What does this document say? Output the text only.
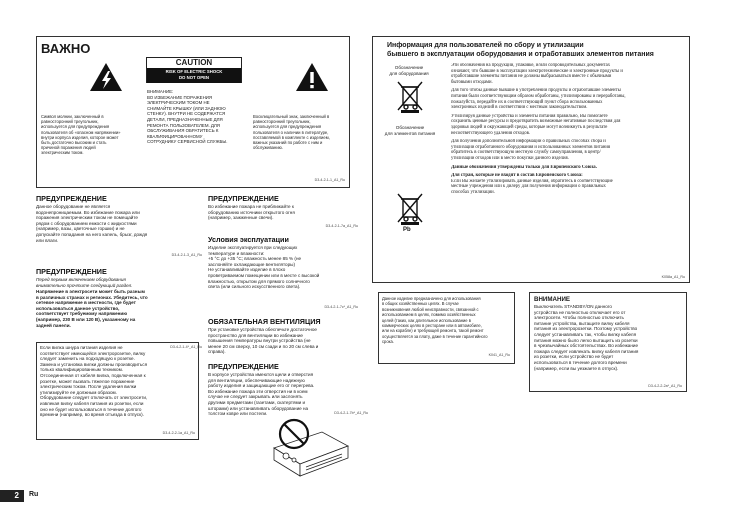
ВАЖНО
Символ молнии, заключенный в
равносторонний треугольник,
используется для предупреждения
пользователя об «опасном напряжении»
внутри корпуса изделия, которое может
быть достаточно высоким и стать
причиной поражения людей
электрическим током.
CAUTION
RISK OF ELECTRIC SHOCK
DO NOT OPEN
ВНИМАНИЕ:
ВО ИЗБЕЖАНИЕ ПОРАЖЕНИЯ
ЭЛЕКТРИЧЕСКИМ ТОКОМ НЕ
СНИМАЙТЕ КРЫШКУ (ИЛИ ЗАДНЮЮ
СТЕНКУ). ВНУТРИ НЕ СОДЕРЖАТСЯ
ДЕТАЛИ, ПРЕДНАЗНАЧЕННЫЕ ДЛЯ
РЕМОНТА ПОЛЬЗОВАТЕЛЕМ. ДЛЯ
ОБСЛУЖИВАНИЯ ОБРАТИТЕСЬ К
КВАЛИФИЦИРОВАННОМУ
СОТРУДНИКУ СЕРВИСНОЙ СЛУЖБЫ.
Восклицательный знак, заключенный в
равносторонний треугольник,
используется для предупреждения
пользователя о наличии в литературе,
поставляемой в комплекте с изделием,
важных указаний по работе с ним и
обслуживанию.
D3-4-2-1-1_A1_Ru
ПРЕДУПРЕЖДЕНИЕ
Данное оборудование не является
водонепроницаемым. Во избежание пожара или
поражения электрическим током не помещайте
рядом с оборудованием емкости с жидкостями
(например, вазы, цветочные горшки) и не
допускайте попадания на него капель, брызг, дождя
или влаги.
D3-4-2-1-3_A1_Ru
ПРЕДУПРЕЖДЕНИЕ
Перед первым включением оборудования
внимательно прочтите следующий раздел.
Напряжение в электросети может быть разным
в различных странах и регионах. Убедитесь, что
сетевое напряжение в местности, где будет
использоваться данное устройство,
соответствует требуемому напряжению
(например, 230 В или 120 В), указанному на
задней панели.
D3-4-2-1-4*_A1_Ru
Если вилка шнура питания изделия не
соответствует имеющейся электророзетке, вилку
следует заменить на подходящую к розетке.
Замена и установка вилки должны производиться
только квалифицированным техником.
Отсоединенная от кабеля вилка, подключенная к
розетке, может вызвать тяжелое поражение
электрическим током. После удаления вилки
утилизируйте ее должным образом.
Оборудование следует отключать от электросети,
извлекая вилку кабеля питания из розетки, если
оно не будет использоваться в течение долгого
времени (например, во время отъезда в отпуск).
D3-4-2-2-1a_A1_Ru
ПРЕДУПРЕЖДЕНИЕ
Во избежание пожара не приближайте к
оборудованию источники открытого огня
(например, зажженные свечи).
D3-4-2-1-7a_A1_Ru
Условия эксплуатации
Изделие эксплуатируется при следующих
температуре и влажности:
+5 °C до +35 °C; влажность менее 85 % (не
заслоняйте охлаждающие вентиляторы)
Не устанавливайте изделие в плохо
проветриваемом помещении или в месте с высокой
влажностью, открытом для прямого солнечного
света (или сильного искусственного света).
D3-4-2-1-7c*_A1_Ru
ОБЯЗАТЕЛЬНАЯ ВЕНТИЛЯЦИЯ
При установке устройства обеспечьте достаточное
пространство для вентиляции во избежание
повышения температуры внутри устройства (не
менее 20 см сверху, 10 см сзади и по 20 см слева и
справа).
ПРЕДУПРЕЖДЕНИЕ
В корпусе устройства имеются щели и отверстия
для вентиляции, обеспечивающие надежную
работу изделия и защищающие его от перегрева.
Во избежание пожара эти отверстия ни в коем
случае не следует закрывать или заслонять
другими предметами (газетами, скатертями и
шторами) или устанавливать оборудование на
толстом ковре или постели.	D3-4-2-1-7b*_A1_Ru
Информация для пользователей по сбору и утилизации
бывшего в эксплуатации оборудования и отработавших элементов питания
Обозначение
для оборудования
Обозначение
для элементов питания
Pb
Эти обозначения на продукции, упаковке, и/или сопроводительных документах
означают, что бывшие в эксплуатации электротехнические и электронные продукты и
отработавшие элементы питания не должны выбрасываться вместе с обычными
бытовыми отходами.
Для того чтобы данные бывшие в употреблении продукты и отработавшие элементы
питания были соответствующим образом обработаны, утилизированы и переработаны,
пожалуйста, передайте их в соответствующий пункт сбора использованных
электронных изделий в соответствии с местным законодательством.
Утилизируя данные устройства и элементы питания правильно, Вы помогаете
сохранить ценные ресурсы и предотвратить возможные негативные последствия для
здоровья людей и окружающей среды, которые могут возникнуть в результате
несоответствующего удаления отходов.
Для получения дополнительной информации о правильных способах сбора и
утилизации отработанного оборудования и использованных элементов питания
обратитесь в соответствующую местную службу самоуправления, в центр/
утилизации отходов или в место покупки данного изделия.
Данные обозначения утверждены только для Европейского Союза.
Для стран, которые не входят в состав Европейского Союза:
Если Вы желаете утилизировать данные изделия, обратитесь в соответствующие
местные учреждения или к дилеру для получения информации о правильных
способах утилизации.
K058a_A1_Ru
Данное изделие предназначено для использования
в общих хозяйственных целях. В случае
возникновения любой неисправности, связанной с
использованием в целях, помимо хозяйственных
целей (таких, как длительное использование в
коммерческих целях в ресторане или в автомобиле,
или на корабле) и требующей ремонта, такой ремонт
осуществляется за плату, даже в течение гарантийного
срока.
K041_A1_Ru
ВНИМАНИЕ
Выключатель STANDBY/ON данного
устройства не полностью отключает его от
электросети. Чтобы полностью отключить
питание устройства, вытащите вилку кабеля
питания из электророзетки. Поэтому устройство
следует устанавливать так, чтобы вилку кабеля
питания можно было легко вытащить из розетки
в чрезвычайных обстоятельствах. Во избежание
пожара следует извлекать вилку кабеля питания
из розетки, если устройство не будет
использоваться в течение долгого времени
(например, если вы уезжаете в отпуск).
D3-4-2-2-2a*_A1_Ru
2	Ru
